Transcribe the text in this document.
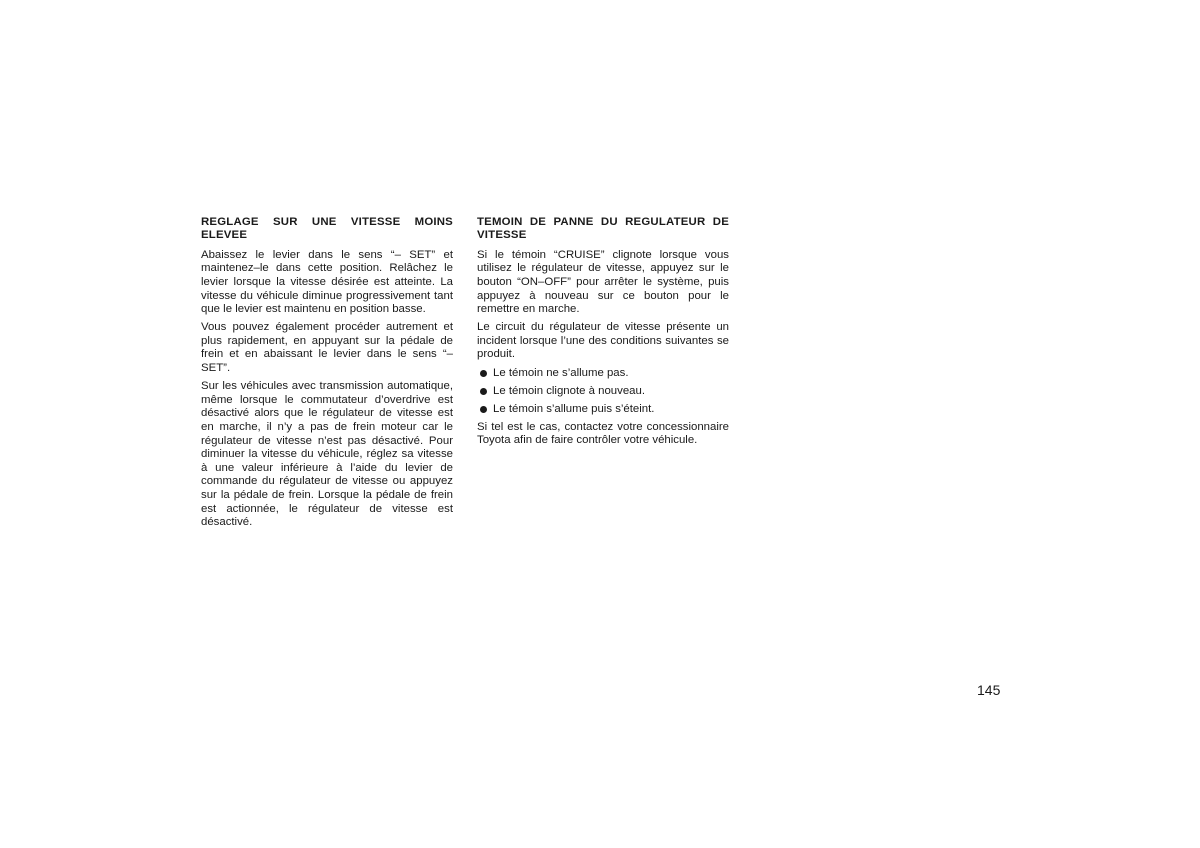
REGLAGE SUR UNE VITESSE MOINS ELEVEE

Abaissez le levier dans le sens “– SET” et maintenez–le dans cette position. Relâchez le levier lorsque la vitesse désirée est atteinte. La vitesse du véhicule diminue progressivement tant que le levier est maintenu en position basse.

Vous pouvez également procéder autrement et plus rapidement, en appuyant sur la pédale de frein et en abaissant le levier dans le sens “– SET”.

Sur les véhicules avec transmission automatique, même lorsque le commutateur d’overdrive est désactivé alors que le régulateur de vitesse est en marche, il n’y a pas de frein moteur car le régulateur de vitesse n’est pas désactivé. Pour diminuer la vitesse du véhicule, réglez sa vitesse à une valeur inférieure à l’aide du levier de commande du régulateur de vitesse ou appuyez sur la pédale de frein. Lorsque la pédale de frein est actionnée, le régulateur de vitesse est désactivé.

TEMOIN DE PANNE DU REGULATEUR DE VITESSE

Si le témoin “CRUISE” clignote lorsque vous utilisez le régulateur de vitesse, appuyez sur le bouton “ON–OFF” pour arrêter le système, puis appuyez à nouveau sur ce bouton pour le remettre en marche.

Le circuit du régulateur de vitesse présente un incident lorsque l’une des conditions suivantes se produit.

Le témoin ne s’allume pas.
Le témoin clignote à nouveau.
Le témoin s’allume puis s’éteint.

Si tel est le cas, contactez votre concessionnaire Toyota afin de faire contrôler votre véhicule.

145
